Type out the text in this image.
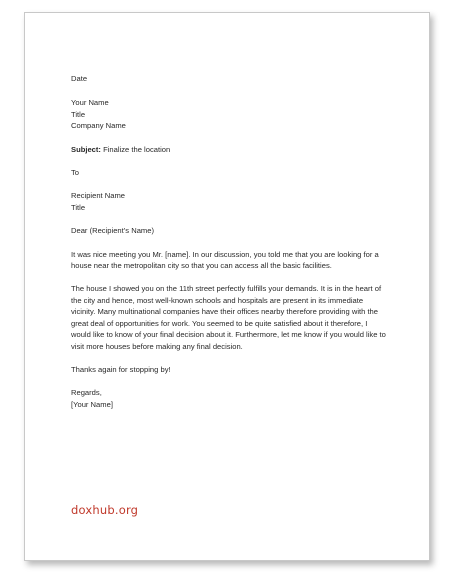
Date

Your Name

Title

Company Name

Subject: Finalize the location

To

Recipient Name

Title

Dear (Recipient’s Name)

It was nice meeting you Mr. [name]. In our discussion, you told me that you are looking for a house near the metropolitan city so that you can access all the basic facilities.

The house I showed you on the 11th street perfectly fulfills your demands. It is in the heart of the city and hence, most well-known schools and hospitals are present in its immediate vicinity. Many multinational companies have their offices nearby therefore providing with the great deal of opportunities for work. You seemed to be quite satisfied about it therefore, I would like to know of your final decision about it. Furthermore, let me know if you would like to visit more houses before making any final decision.

Thanks again for stopping by!

Regards,

[Your Name]

doxhub.org
